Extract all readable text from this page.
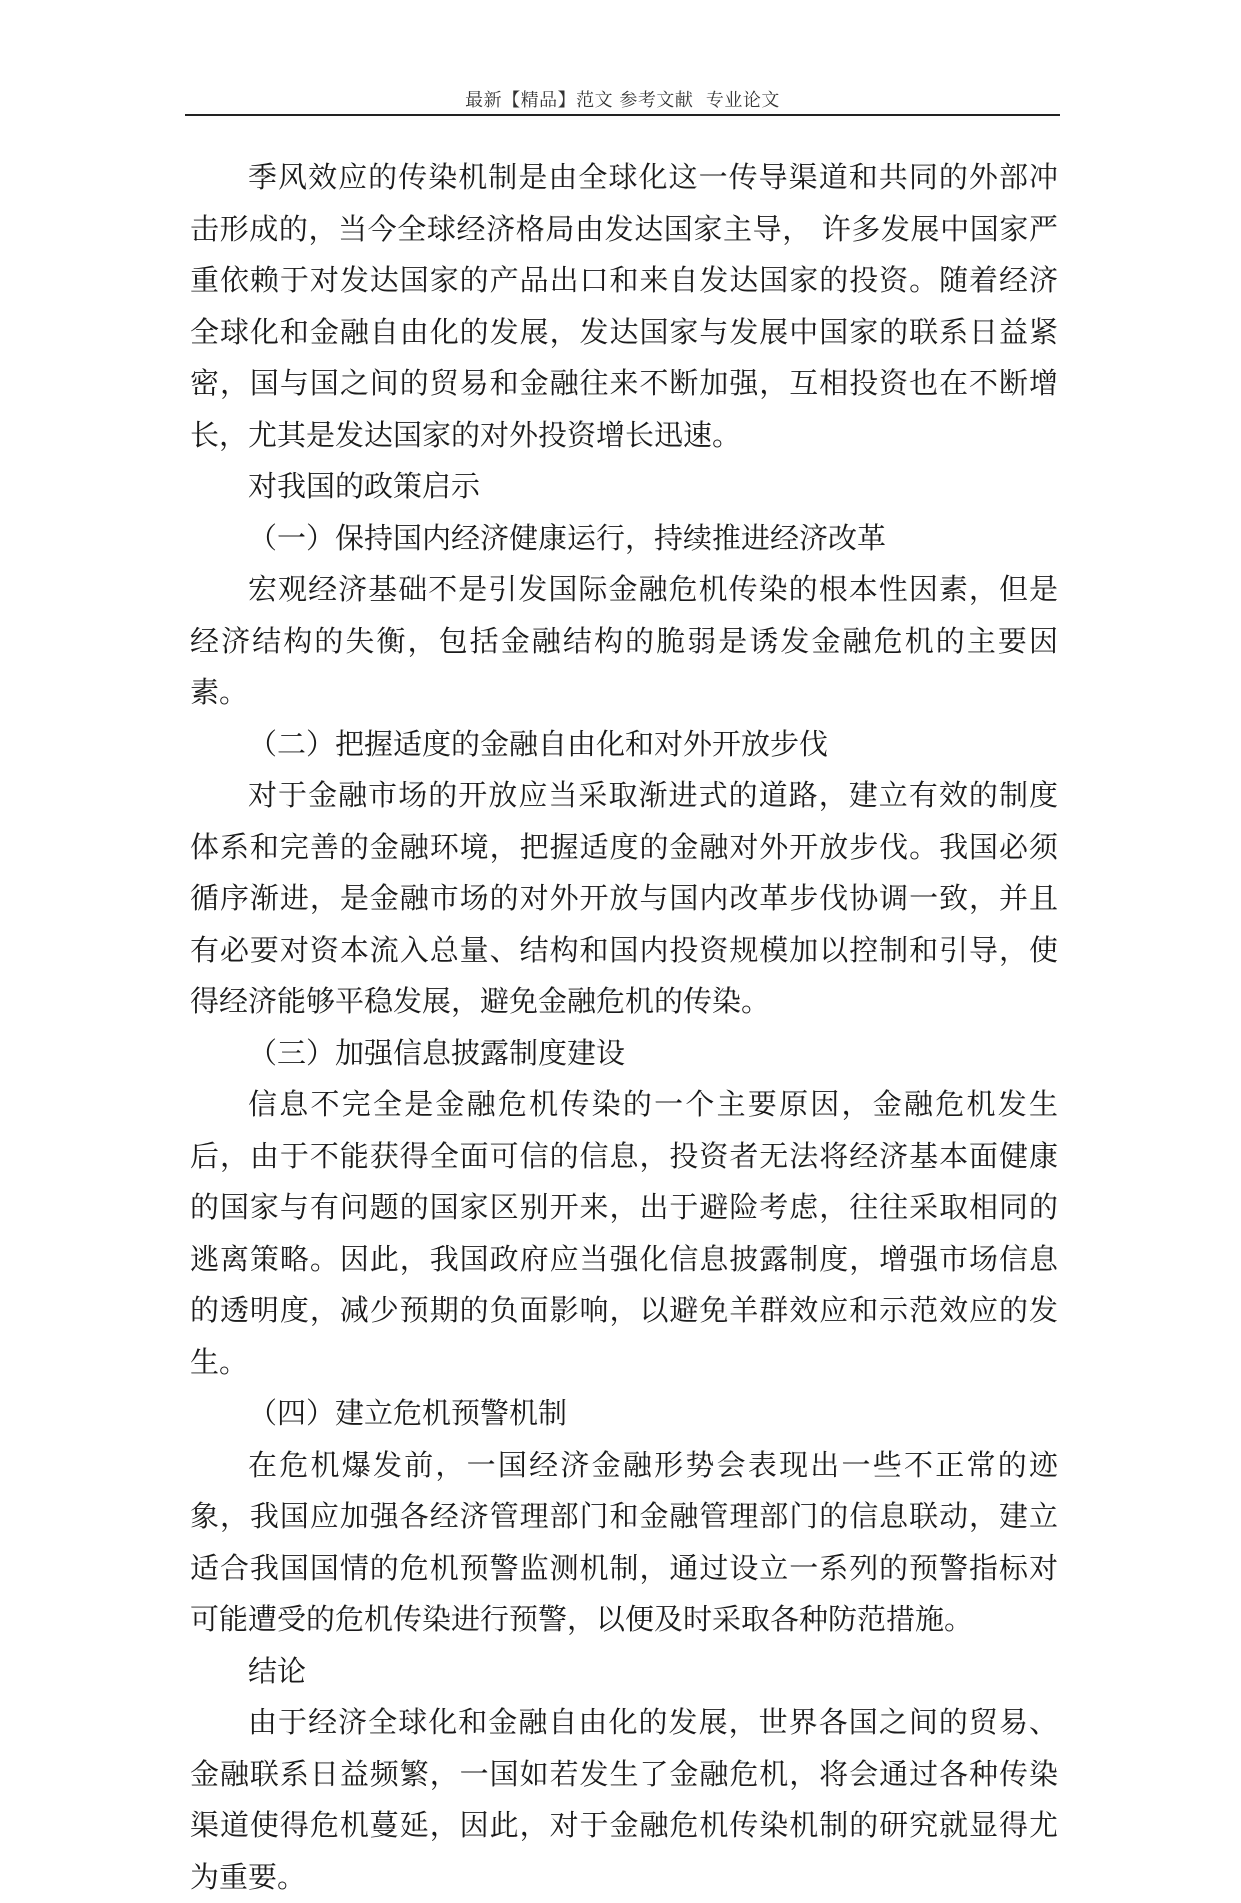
最新【精品】范文 参考文献  专业论文

季风效应的传染机制是由全球化这一传导渠道和共同的外部冲击形成的，当今全球经济格局由发达国家主导， 许多发展中国家严重依赖于对发达国家的产品出口和来自发达国家的投资。随着经济全球化和金融自由化的发展，发达国家与发展中国家的联系日益紧密，国与国之间的贸易和金融往来不断加强，互相投资也在不断增长，尤其是发达国家的对外投资增长迅速。

对我国的政策启示

（一）保持国内经济健康运行，持续推进经济改革

宏观经济基础不是引发国际金融危机传染的根本性因素，但是经济结构的失衡，包括金融结构的脆弱是诱发金融危机的主要因素。

（二）把握适度的金融自由化和对外开放步伐

对于金融市场的开放应当采取渐进式的道路，建立有效的制度体系和完善的金融环境，把握适度的金融对外开放步伐。我国必须循序渐进，是金融市场的对外开放与国内改革步伐协调一致，并且有必要对资本流入总量、结构和国内投资规模加以控制和引导，使得经济能够平稳发展，避免金融危机的传染。

（三）加强信息披露制度建设

信息不完全是金融危机传染的一个主要原因，金融危机发生后，由于不能获得全面可信的信息，投资者无法将经济基本面健康的国家与有问题的国家区别开来，出于避险考虑，往往采取相同的逃离策略。因此，我国政府应当强化信息披露制度，增强市场信息的透明度，减少预期的负面影响，以避免羊群效应和示范效应的发生。

（四）建立危机预警机制

在危机爆发前，一国经济金融形势会表现出一些不正常的迹象，我国应加强各经济管理部门和金融管理部门的信息联动，建立适合我国国情的危机预警监测机制，通过设立一系列的预警指标对可能遭受的危机传染进行预警，以便及时采取各种防范措施。

结论

由于经济全球化和金融自由化的发展，世界各国之间的贸易、金融联系日益频繁，一国如若发生了金融危机，将会通过各种传染渠道使得危机蔓延，因此，对于金融危机传染机制的研究就显得尤为重要。
